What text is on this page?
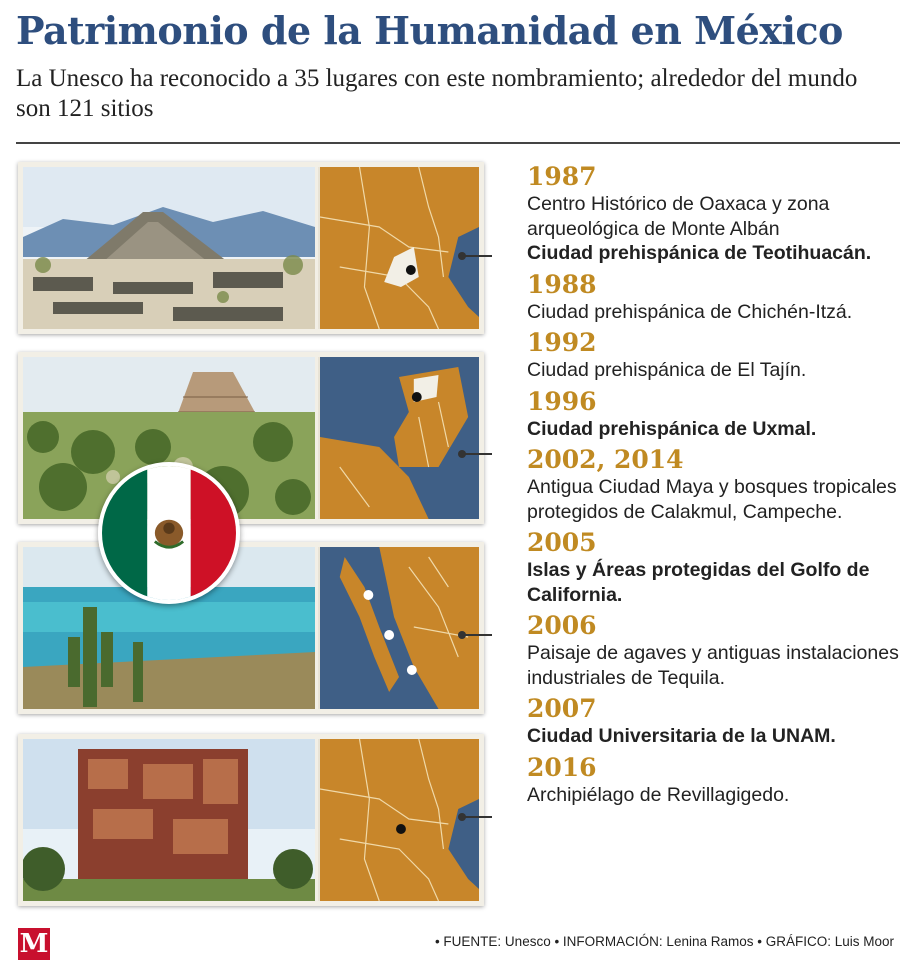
Patrimonio de la Humanidad en México

La Unesco ha reconocido a 35 lugares con este nombramiento; alrededor del mundo son 121 sitios

1987

Centro Histórico de Oaxaca y zona arqueológica de Monte Albán

Ciudad prehispánica de Teotihuacán.

1988

Ciudad prehispánica de Chichén-Itzá.

1992

Ciudad prehispánica de El Tajín.

1996

Ciudad prehispánica de Uxmal.

2002, 2014

Antigua Ciudad Maya y bosques tropicales protegidos de Calakmul, Campeche.

2005

Islas y Áreas protegidas del Golfo de California.

2006

Paisaje de agaves y antiguas instalaciones industriales de Tequila.

2007

Ciudad Universitaria de la UNAM.

2016

Archipiélago de Revillagigedo.

M	• FUENTE: Unesco • INFORMACIÓN: Lenina Ramos • GRÁFICO: Luis Moor
